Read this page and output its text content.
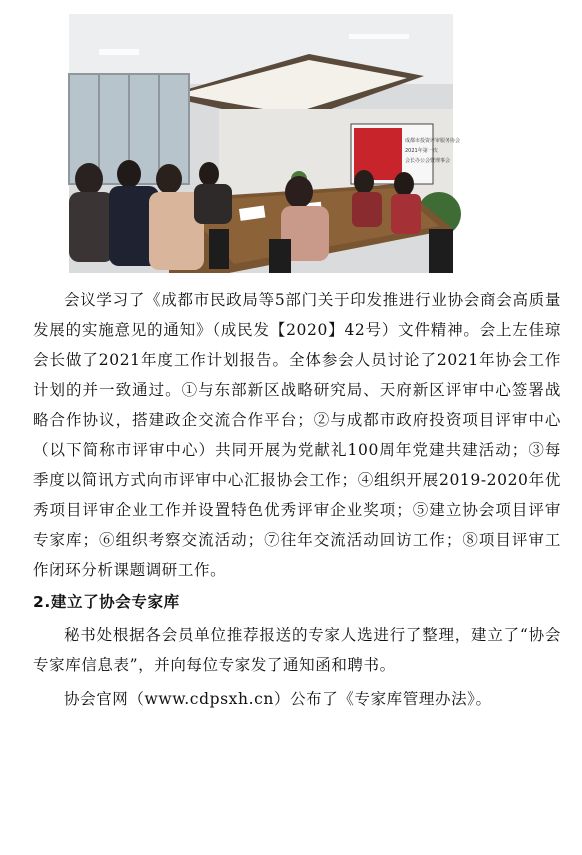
成都市投资评审服务协会
2021年第一次
会长办公会暨理事会

会议学习了《成都市民政局等5部门关于印发推进行业协会商会高质量发展的实施意见的通知》（成民发【2020】42号）文件精神。会上左佳琼会长做了2021年度工作计划报告。全体参会人员讨论了2021年协会工作计划的并一致通过。①与东部新区战略研究局、天府新区评审中心签署战略合作协议，搭建政企交流合作平台；②与成都市政府投资项目评审中心（以下简称市评审中心）共同开展为党献礼100周年党建共建活动；③每季度以简讯方式向市评审中心汇报协会工作；④组织开展2019-2020年优秀项目评审企业工作并设置特色优秀评审企业奖项；⑤建立协会项目评审专家库；⑥组织考察交流活动；⑦往年交流活动回访工作；⑧项目评审工作闭环分析课题调研工作。

2.建立了协会专家库

秘书处根据各会员单位推荐报送的专家人选进行了整理，建立了“协会专家库信息表”，并向每位专家发了通知函和聘书。

协会官网（www.cdpsxh.cn）公布了《专家库管理办法》。
